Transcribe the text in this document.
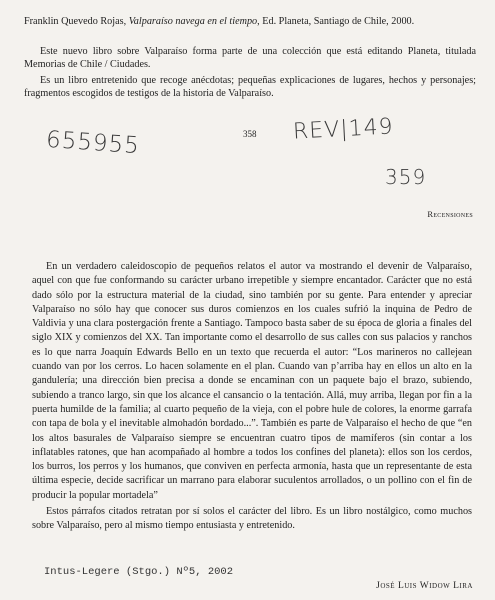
Franklin Quevedo Rojas, Valparaíso navega en el tiempo, Ed. Planeta, Santiago de Chile, 2000.

Este nuevo libro sobre Valparaíso forma parte de una colección que está editando Planeta, titulada Memorias de Chile / Ciudades.

Es un libro entretenido que recoge anécdotas; pequeñas explicaciones de lugares, hechos y personajes; fragmentos escogidos de testigos de la historia de Valparaíso.

358
655955	REV|149
359
Recensiones

En un verdadero caleidoscopio de pequeños relatos el autor va mostrando el devenir de Valparaíso, aquel con que fue conformando su carácter urbano irrepetible y siempre encantador. Carácter que no está dado sólo por la estructura material de la ciudad, sino también por su gente. Para entender y apreciar Valparaíso no sólo hay que conocer sus duros comienzos en los cuales sufrió la inquina de Pedro de Valdivia y una clara postergación frente a Santiago. Tampoco basta saber de su época de gloria a finales del siglo XIX y comienzos del XX. Tan importante como el desarrollo de sus calles con sus palacios y ranchos es lo que narra Joaquín Edwards Bello en un texto que recuerda el autor: “Los marineros no callejean cuando van por los cerros. Lo hacen solamente en el plan. Cuando van p’arriba hay en ellos un alto en la gandulería; una dirección bien precisa a donde se encaminan con un paquete bajo el brazo, subiendo, subiendo a tranco largo, sin que los alcance el cansancio o la tentación. Allá, muy arriba, llegan por fin a la puerta humilde de la familia; al cuarto pequeño de la vieja, con el pobre hule de colores, la enorme garrafa con tapa de bola y el inevitable almohadón bordado...”. También es parte de Valparaíso el hecho de que “en los altos basurales de Valparaíso siempre se encuentran cuatro tipos de mamíferos (sin contar a los inflatables ratones, que han acompañado al hombre a todos los confines del planeta): ellos son los cerdos, los burros, los perros y los humanos, que conviven en perfecta armonía, hasta que un representante de esta última especie, decide sacrificar un marrano para elaborar suculentos arrollados, o un pollino con el fin de producir la popular mortadela”

Estos párrafos citados retratan por sí solos el carácter del libro. Es un libro nostálgico, como muchos sobre Valparaíso, pero al mismo tiempo entusiasta y entretenido.

Intus-Legere (Stgo.) Nº5, 2002
José Luis Widow Lira
